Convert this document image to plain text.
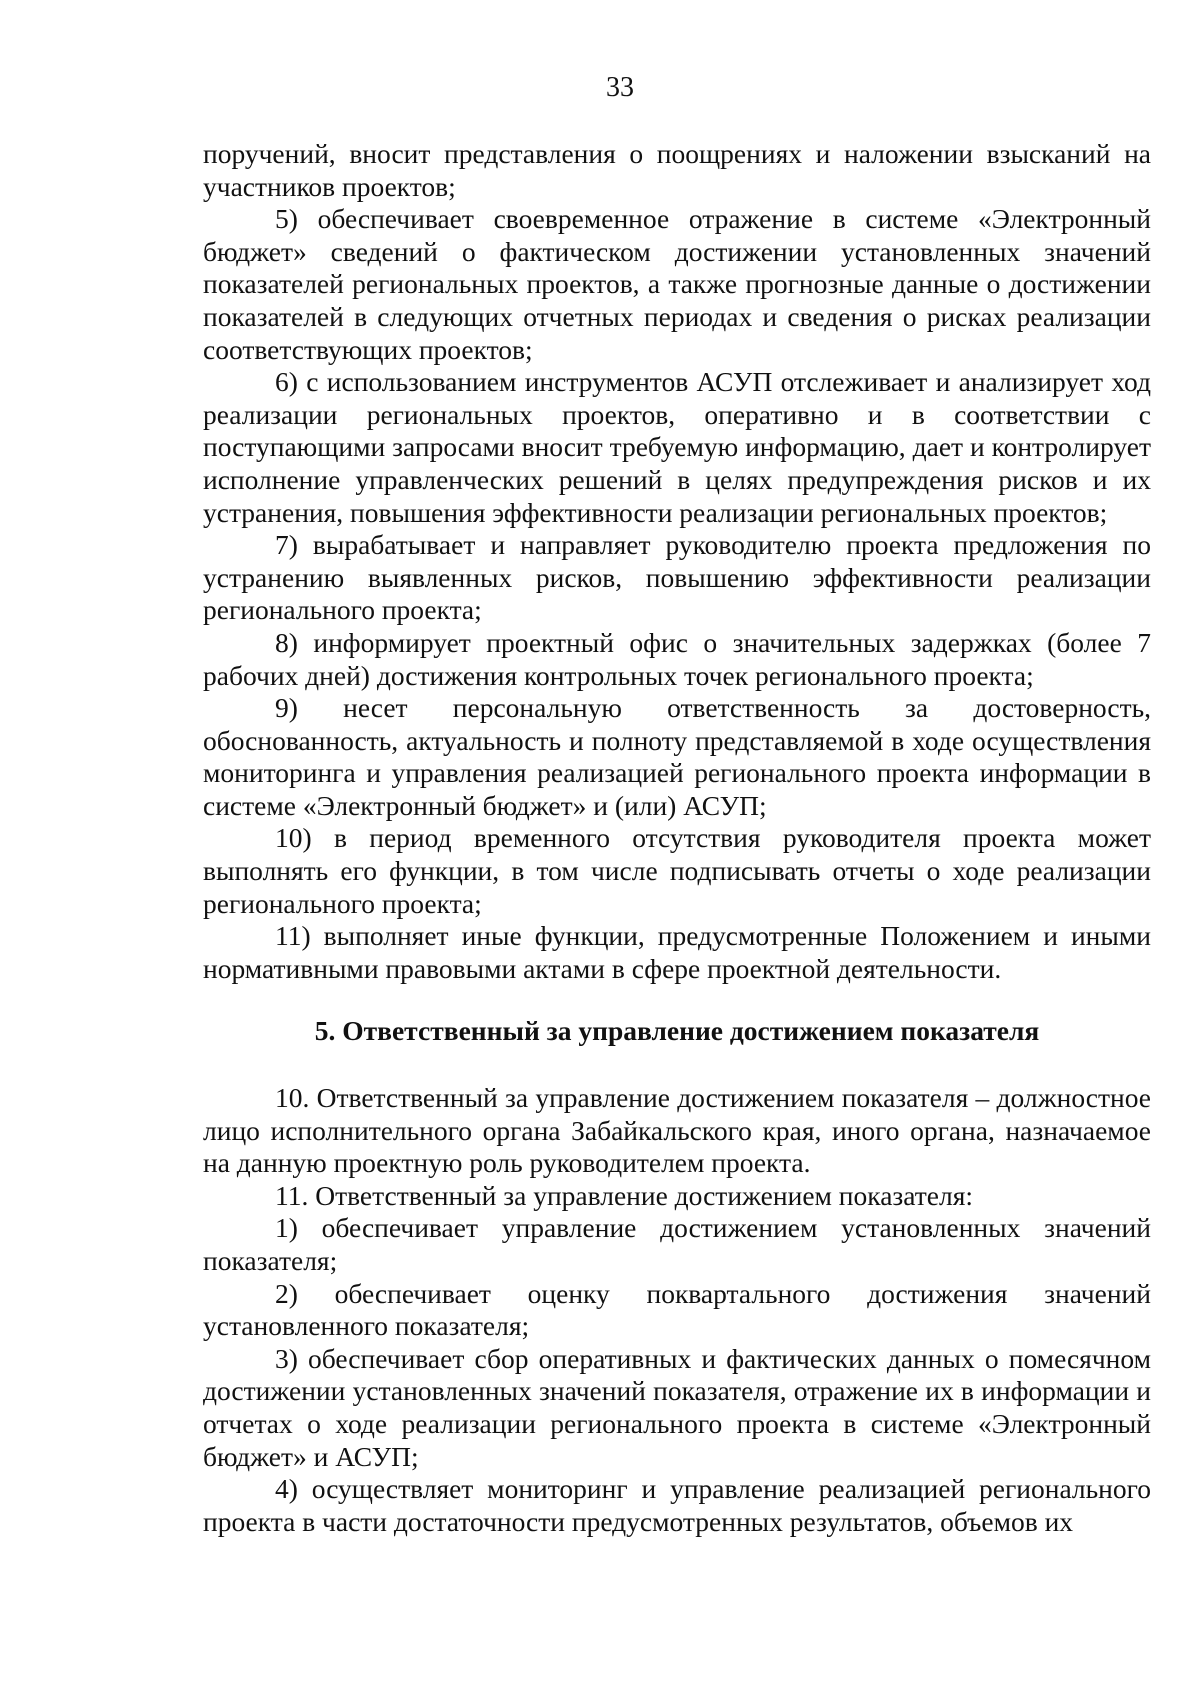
33

поручений, вносит представления о поощрениях и наложении взысканий на участников проектов;

5) обеспечивает своевременное отражение в системе «Электронный бюджет» сведений о фактическом достижении установленных значений показателей региональных проектов, а также прогнозные данные о достижении показателей в следующих отчетных периодах и сведения о рисках реализации соответствующих проектов;

6) с использованием инструментов АСУП отслеживает и анализирует ход реализации региональных проектов, оперативно и в соответствии с поступающими запросами вносит требуемую информацию, дает и контролирует исполнение управленческих решений в целях предупреждения рисков и их устранения, повышения эффективности реализации региональных проектов;

7) вырабатывает и направляет руководителю проекта предложения по устранению выявленных рисков, повышению эффективности реализации регионального проекта;

8) информирует проектный офис о значительных задержках (более 7 рабочих дней) достижения контрольных точек регионального проекта;

9) несет персональную ответственность за достоверность, обоснованность, актуальность и полноту представляемой в ходе осуществления мониторинга и управления реализацией регионального проекта информации в системе «Электронный бюджет» и (или) АСУП;

10) в период временного отсутствия руководителя проекта может выполнять его функции, в том числе подписывать отчеты о ходе реализации регионального проекта;

11) выполняет иные функции, предусмотренные Положением и иными нормативными правовыми актами в сфере проектной деятельности.

5. Ответственный за управление достижением показателя

10. Ответственный за управление достижением показателя – должностное лицо исполнительного органа Забайкальского края, иного органа, назначаемое на данную проектную роль руководителем проекта.

11. Ответственный за управление достижением показателя:

1) обеспечивает управление достижением установленных значений показателя;

2) обеспечивает оценку поквартального достижения значений установленного показателя;

3) обеспечивает сбор оперативных и фактических данных о помесячном достижении установленных значений показателя, отражение их в информации и отчетах о ходе реализации регионального проекта в системе «Электронный бюджет» и АСУП;

4) осуществляет мониторинг и управление реализацией регионального проекта в части достаточности предусмотренных результатов, объемов их
